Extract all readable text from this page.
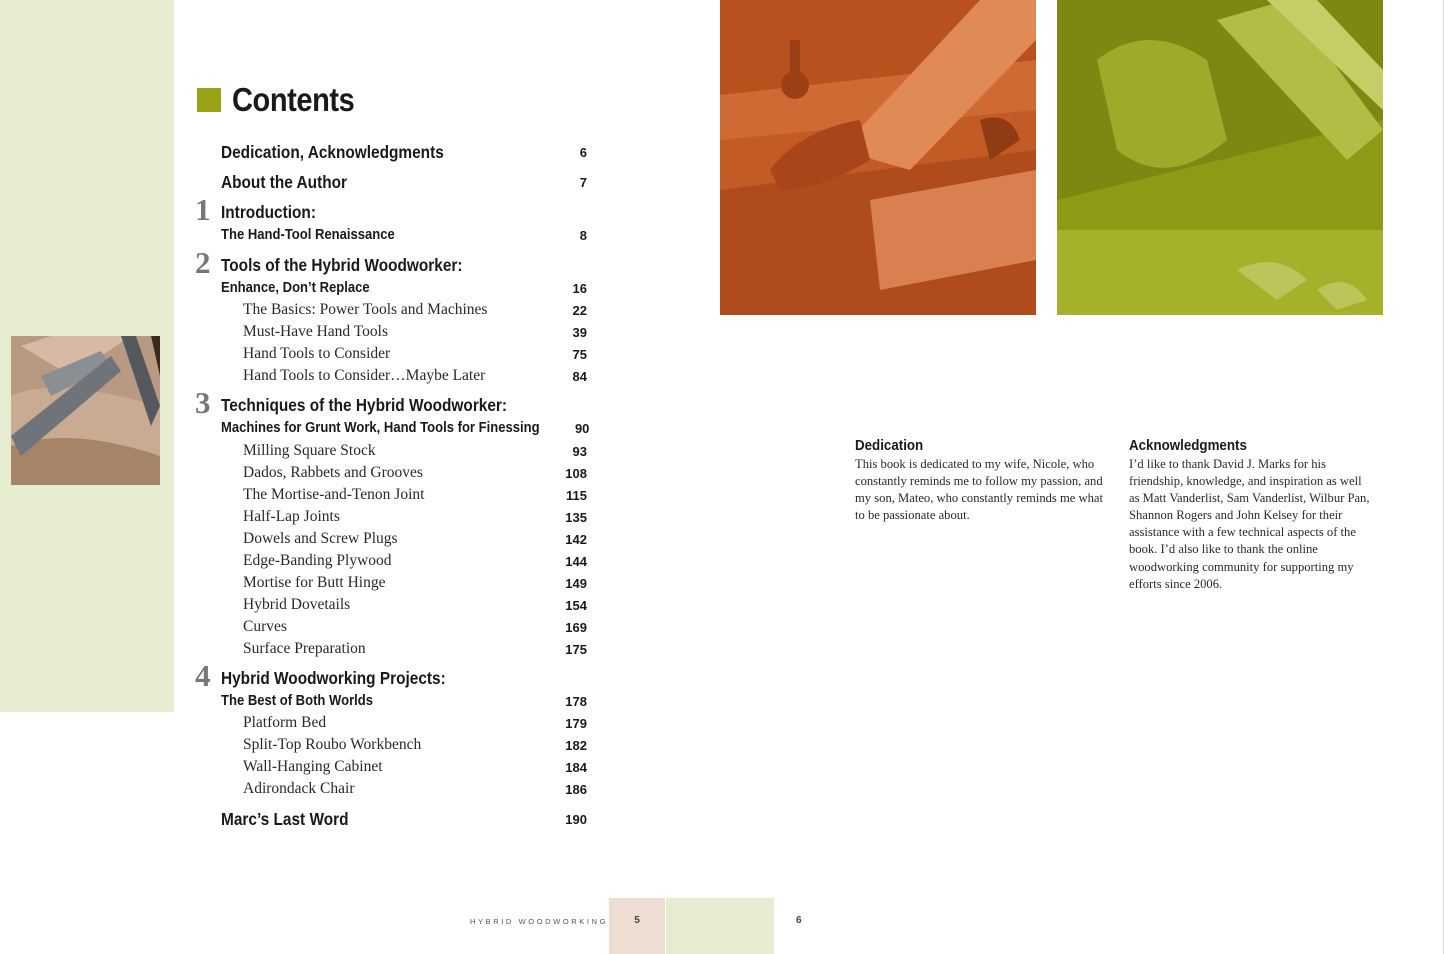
Contents
Dedication, Acknowledgments	6
About the Author	7
1 Introduction:
The Hand-Tool Renaissance	8
2 Tools of the Hybrid Woodworker:
Enhance, Don’t Replace	16
The Basics: Power Tools and Machines	22
Must-Have Hand Tools	39
Hand Tools to Consider	75
Hand Tools to Consider…Maybe Later	84
3 Techniques of the Hybrid Woodworker:
Machines for Grunt Work, Hand Tools for Finessing	90
Milling Square Stock	93
Dados, Rabbets and Grooves	108
The Mortise-and-Tenon Joint	115
Half-Lap Joints	135
Dowels and Screw Plugs	142
Edge-Banding Plywood	144
Mortise for Butt Hinge	149
Hybrid Dovetails	154
Curves	169
Surface Preparation	175
4 Hybrid Woodworking Projects:
The Best of Both Worlds	178
Platform Bed	179
Split-Top Roubo Workbench	182
Wall-Hanging Cabinet	184
Adirondack Chair	186
Marc’s Last Word	190
Dedication

This book is dedicated to my wife, Nicole, who constantly reminds me to follow my passion, and my son, Mateo, who constantly reminds me what to be passionate about.

Acknowledgments

I’d like to thank David J. Marks for his friendship, knowledge, and inspiration as well as Matt Vanderlist, Sam Vanderlist, Wilbur Pan, Shannon Rogers and John Kelsey for their assistance with a few technical aspects of the book. I’d also like to thank the online woodworking community for supporting my efforts since 2006.

HYBRID WOODWORKING	5	6
